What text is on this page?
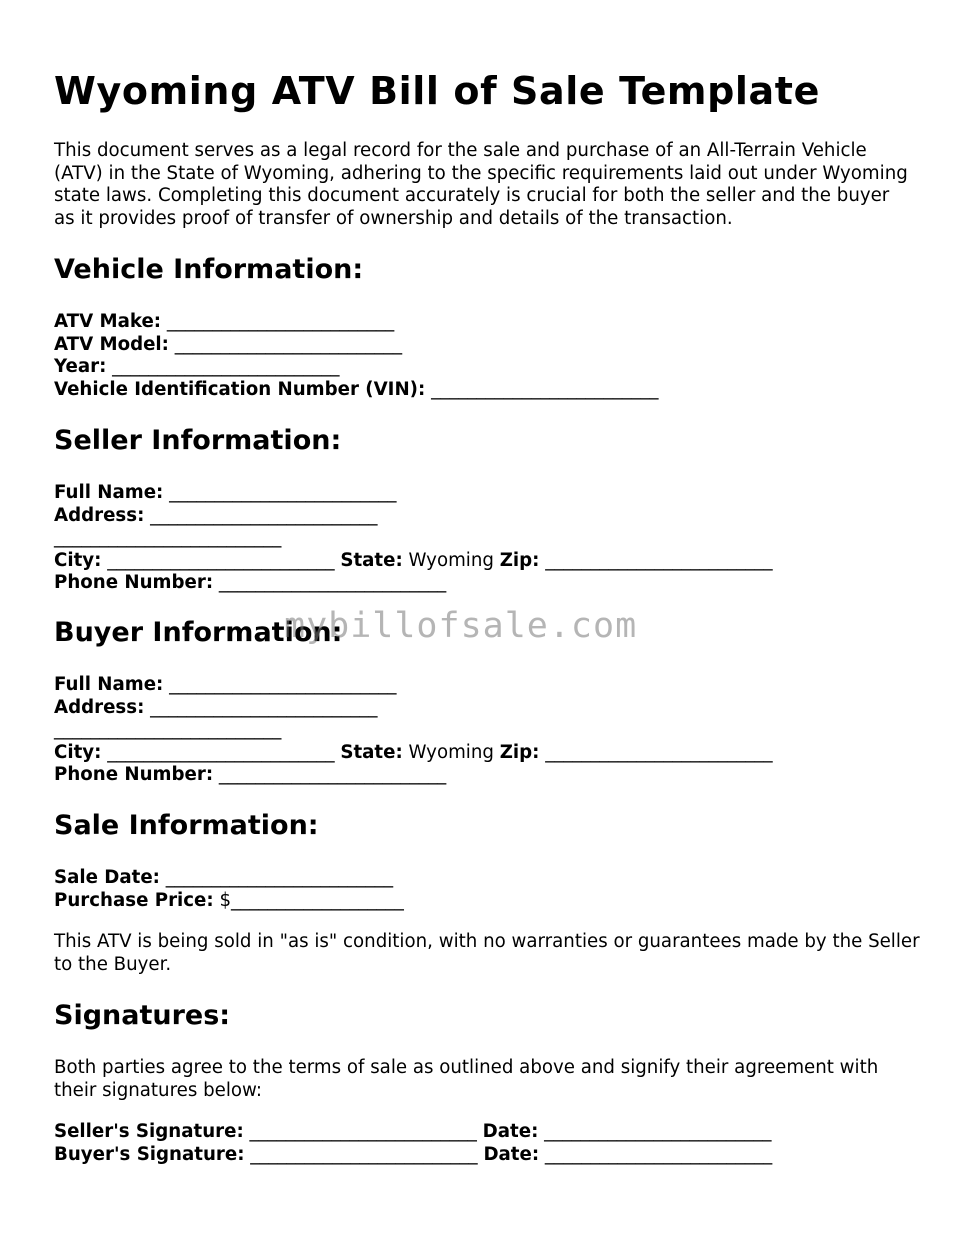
Wyoming ATV Bill of Sale Template

This document serves as a legal record for the sale and purchase of an All-Terrain Vehicle (ATV) in the State of Wyoming, adhering to the specific requirements laid out under Wyoming state laws. Completing this document accurately is crucial for both the seller and the buyer as it provides proof of transfer of ownership and details of the transaction.

Vehicle Information:
ATV Make: _________________________
ATV Model: _________________________
Year: _________________________
Vehicle Identification Number (VIN): _________________________
Seller Information:
Full Name: _________________________
Address: _________________________
_________________________
City: _________________________ State: Wyoming Zip: _________________________
Phone Number: _________________________
Buyer Information:
Full Name: _________________________
Address: _________________________
_________________________
City: _________________________ State: Wyoming Zip: _________________________
Phone Number: _________________________
Sale Information:
Sale Date: _________________________
Purchase Price: $___________________

This ATV is being sold in "as is" condition, with no warranties or guarantees made by the Seller to the Buyer.

Signatures:

Both parties agree to the terms of sale as outlined above and signify their agreement with their signatures below:

Seller's Signature: _________________________ Date: _________________________
Buyer's Signature: _________________________ Date: _________________________
mybillofsale.com
